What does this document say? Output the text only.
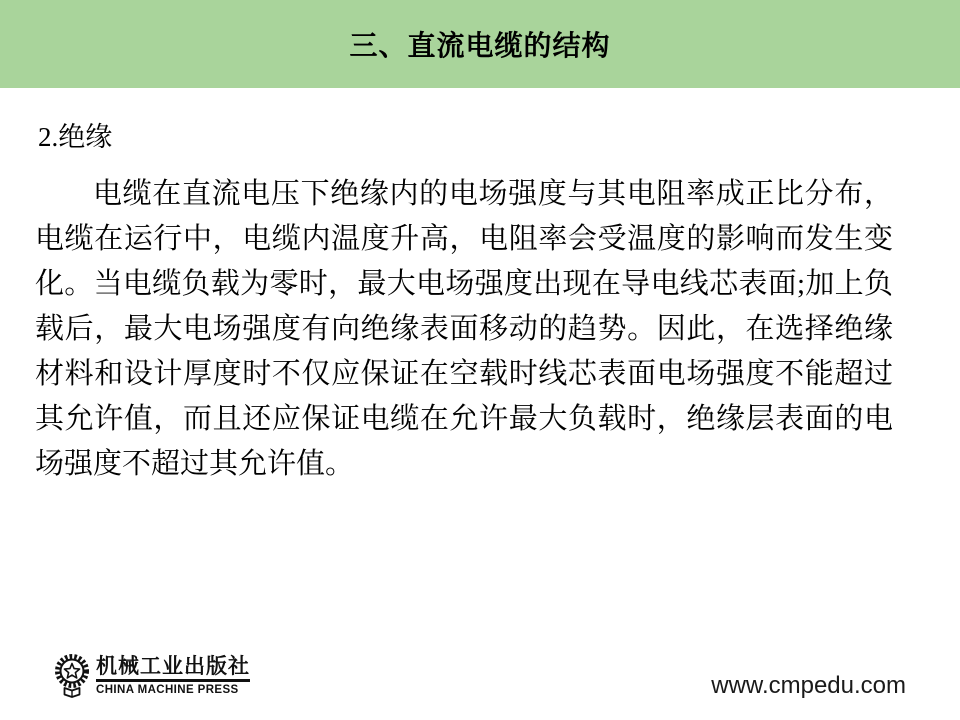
三、直流电缆的结构
2.绝缘
电缆在直流电压下绝缘内的电场强度与其电阻率成正比分布，
电缆在运行中，电缆内温度升高，电阻率会受温度的影响而发生变
化。当电缆负载为零时，最大电场强度出现在导电线芯表面;加上负
载后，最大电场强度有向绝缘表面移动的趋势。因此，在选择绝缘
材料和设计厚度时不仅应保证在空载时线芯表面电场强度不能超过
其允许值，而且还应保证电缆在允许最大负载时，绝缘层表面的电
场强度不超过其允许值。
机械工业出版社
CHINA MACHINE PRESS	www.cmpedu.com
